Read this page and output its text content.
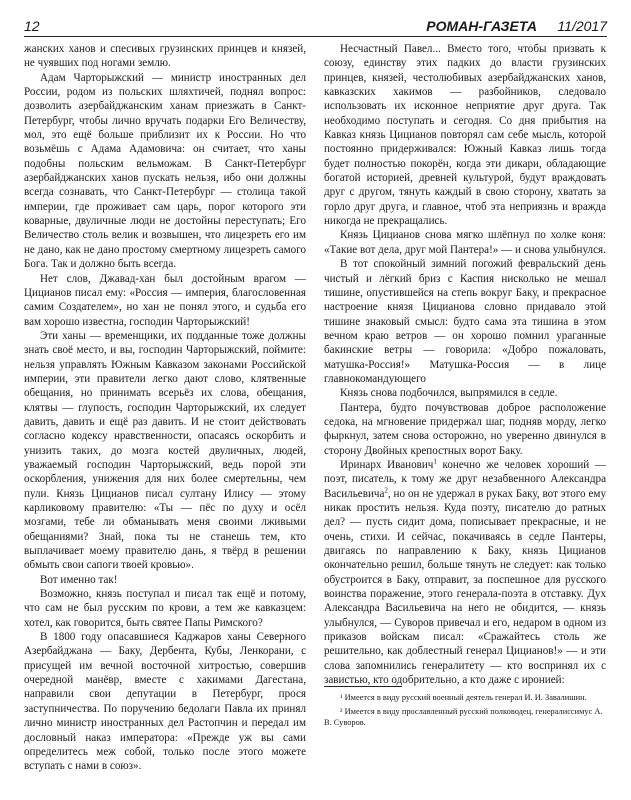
12	РОМАН-ГАЗЕТА 11/2017

жанских ханов и спесивых грузинских принцев и князей, не чуявших под ногами землю.

Адам Чарторыжский — министр иностранных дел России, родом из польских шляхтичей, поднял вопрос: дозволить азербайджанским ханам приезжать в Санкт-Петербург, чтобы лично вручать подарки Его Величеству, мол, это ещё больше приблизит их к России. Но что возьмёшь с Адама Адамовича: он считает, что ханы подобны польским вельможам. В Санкт-Петербург азербайджанских ханов пускать нельзя, ибо они должны всегда сознавать, что Санкт-Петербург — столица такой империи, где проживает сам царь, порог которого эти коварные, двуличные люди не достойны переступать; Его Величество столь велик и возвышен, что лицезреть его им не дано, как не дано простому смертному лицезреть самого Бога. Так и должно быть всегда.

Нет слов, Джавад-хан был достойным врагом — Цицианов писал ему: «Россия — империя, благословенная самим Создателем», но хан не понял этого, и судьба его вам хорошо известна, господин Чарторыжский!

Эти ханы — временщики, их подданные тоже должны знать своё место, и вы, господин Чарторыжский, поймите: нельзя управлять Южным Кавказом законами Российской империи, эти правители легко дают слово, клятвенные обещания, но принимать всерьёз их слова, обещания, клятвы — глупость, господин Чарторыжский, их следует давить, давить и ещё раз давить. И не стоит действовать согласно кодексу нравственности, опасаясь оскорбить и унизить таких, до мозга костей двуличных, людей, уважаемый господин Чарторыжский, ведь порой эти оскорбления, унижения для них более смертельны, чем пули. Князь Цицианов писал султану Илису — этому карликовому правителю: «Ты — пёс по духу и осёл мозгами, тебе ли обманывать меня своими лживыми обещаниями? Знай, пока ты не станешь тем, кто выплачивает моему правителю дань, я твёрд в решении обмыть свои сапоги твоей кровью».

Вот именно так!

Возможно, князь поступал и писал так ещё и потому, что сам не был русским по крови, а тем же кавказцем: хотел, как говорится, быть святее Папы Римского?

В 1800 году опасавшиеся Каджаров ханы Северного Азербайджана — Баку, Дербента, Кубы, Ленкорани, с присущей им вечной восточной хитростью, совершив очередной манёвр, вместе с хакимами Дагестана, направили свои депутации в Петербург, прося заступничества. По поручению бедолаги Павла их принял лично министр иностранных дел Растопчин и передал им дословный наказ императора: «Прежде уж вы сами определитесь меж собой, только после этого можете вступать с нами в союз».

Несчастный Павел... Вместо того, чтобы призвать к союзу, единству этих падких до власти грузинских принцев, князей, честолюбивых азербайджанских ханов, кавказских хакимов — разбойников, следовало использовать их исконное неприятие друг друга. Так необходимо поступать и сегодня. Со дня прибытия на Кавказ князь Цицианов повторял сам себе мысль, которой постоянно придерживался: Южный Кавказ лишь тогда будет полностью покорён, когда эти дикари, обладающие богатой историей, древней культурой, будут враждовать друг с другом, тянуть каждый в свою сторону, хватать за горло друг друга, и главное, чтоб эта неприязнь и вражда никогда не прекращались.

Князь Цицианов снова мягко шлёпнул по холке коня: «Такие вот дела, друг мой Пантера!» — и снова улыбнулся.

В тот спокойный зимний погожий февральский день чистый и лёгкий бриз с Каспия нисколько не мешал тишине, опустившейся на степь вокруг Баку, и прекрасное настроение князя Цицианова словно придавало этой тишине знаковый смысл: будто сама эта тишина в этом вечном краю ветров — он хорошо помнил ураганные бакинские ветры — говорила: «Добро пожаловать, матушка-Россия!» Матушка-Россия — в лице главнокомандующего

Князь снова подбочился, выпрямился в седле.

Пантера, будто почувствовав доброе расположение седока, на мгновение придержал шаг, подняв морду, легко фыркнул, затем снова осторожно, но уверенно двинулся в сторону Двойных крепостных ворот Баку.

Иринарх Иванович$^1$ конечно же человек хороший — поэт, писатель, к тому же друг незабвенного Александра Васильевича$^2$, но он не удержал в руках Баку, вот этого ему никак простить нельзя. Куда поэту, писателю до ратных дел? — пусть сидит дома, пописывает прекрасные, и не очень, стихи. И сейчас, покачиваясь в седле Пантеры, двигаясь по направлению к Баку, князь Цицианов окончательно решил, больше тянуть не следует: как только обустроится в Баку, отправит, за поспешное для русского воинства поражение, этого генерала-поэта в отставку. Дух Александра Васильевича на него не обидится, — князь улыбнулся, — Суворов привечал и его, недаром в одном из приказов войскам писал: «Сражайтесь столь же решительно, как доблестный генерал Цицианов!» — и эти слова запомнились генералитету — кто воспринял их с завистью, кто одобрительно, а кто даже с иронией:

¹ Имеется в виду русский военный деятель генерал И. И. Завалишин.

² Имеется в виду прославленный русский полководец, генералиссимус А. В. Суворов.
